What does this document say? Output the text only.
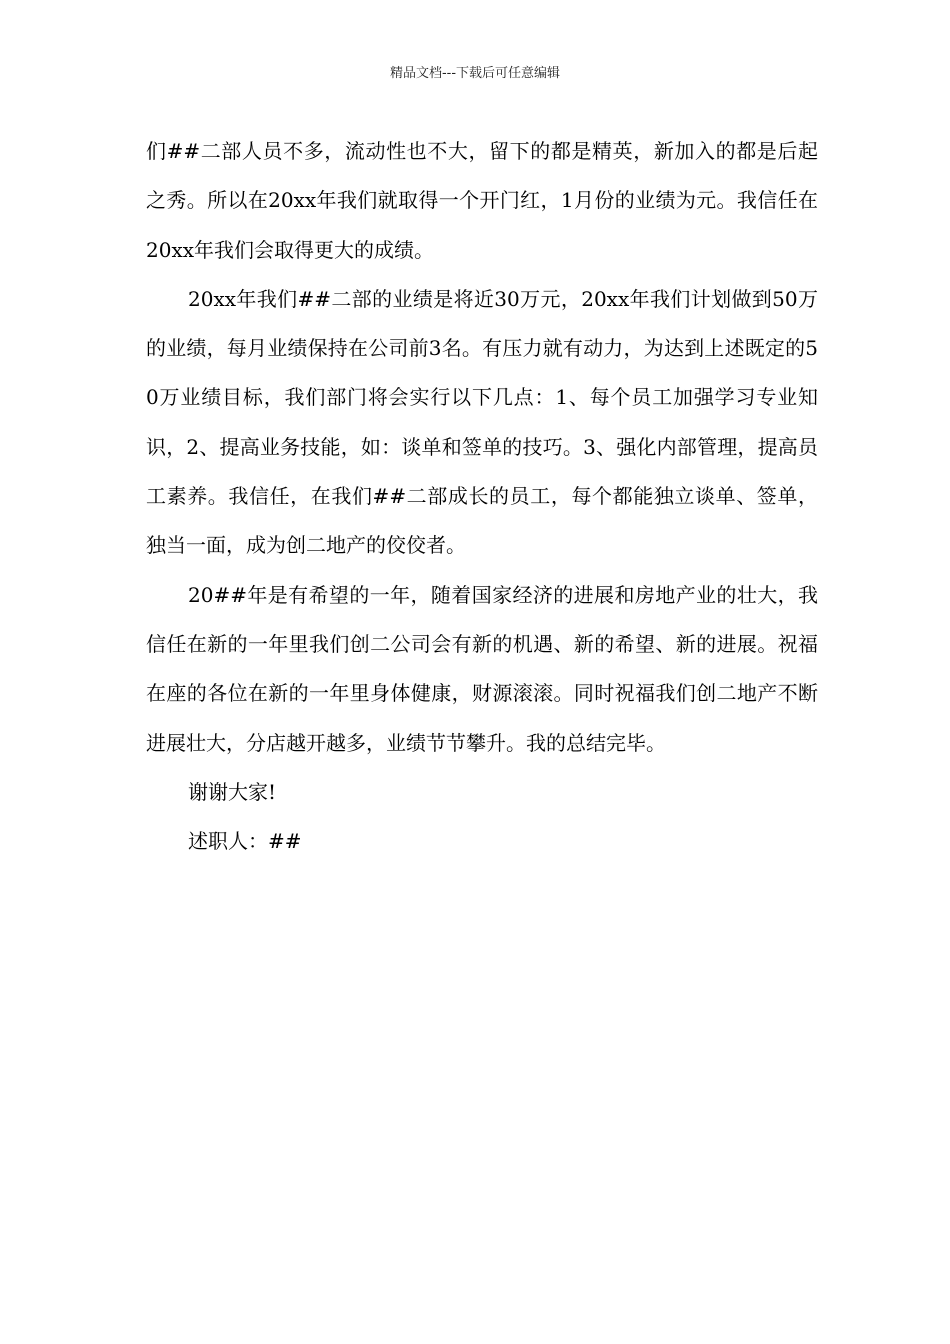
精品文档---下载后可任意编辑

们##二部人员不多，流动性也不大，留下的都是精英，新加入的都是后起之秀。所以在20xx年我们就取得一个开门红，1月份的业绩为元。我信任在20xx年我们会取得更大的成绩。

20xx年我们##二部的业绩是将近30万元，20xx年我们计划做到50万的业绩，每月业绩保持在公司前3名。有压力就有动力，为达到上述既定的50万业绩目标，我们部门将会实行以下几点：1、每个员工加强学习专业知识，2、提高业务技能，如：谈单和签单的技巧。3、强化内部管理，提高员工素养。我信任，在我们##二部成长的员工，每个都能独立谈单、签单，独当一面，成为创二地产的佼佼者。

20##年是有希望的一年，随着国家经济的进展和房地产业的壮大，我信任在新的一年里我们创二公司会有新的机遇、新的希望、新的进展。祝福在座的各位在新的一年里身体健康，财源滚滚。同时祝福我们创二地产不断进展壮大，分店越开越多，业绩节节攀升。我的总结完毕。

谢谢大家!

述职人：##
